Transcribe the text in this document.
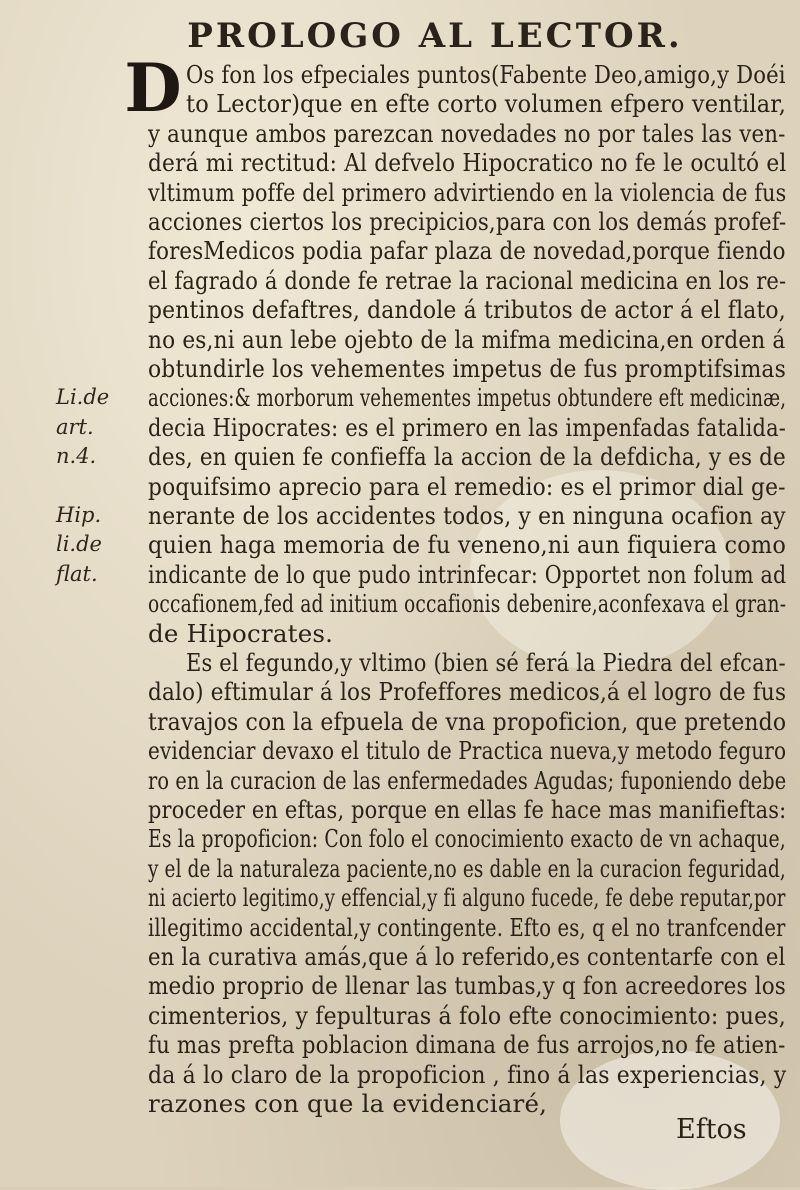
PROLOGO AL LECTOR.
D
Li.de
art.
n.4.
Hip.
li.de
flat.
Os fon los efpeciales puntos(Fabente Deo,amigo,y Doéi
to Lector)que en efte corto volumen efpero ventilar,
y aunque ambos parezcan novedades no por tales las ven-
derá mi rectitud: Al defvelo Hipocratico no fe le ocultó el
vltimum poffe del primero advirtiendo en la violencia de fus
acciones ciertos los precipicios,para con los demás profef-
foresMedicos podia pafar plaza de novedad,porque fiendo
el fagrado á donde fe retrae la racional medicina en los re-
pentinos defaftres, dandole á tributos de actor á el flato,
no es,ni aun lebe ojebto de la mifma medicina,en orden á
obtundirle los vehementes impetus de fus promptifsimas
acciones:& morborum vehementes impetus obtundere eft medicinæ,
decia Hipocrates: es el primero en las impenfadas fatalida-
des, en quien fe confieffa la accion de la defdicha, y es de
poquifsimo aprecio para el remedio: es el primor dial ge-
nerante de los accidentes todos, y en ninguna ocafion ay
quien haga memoria de fu veneno,ni aun fiquiera como
indicante de lo que pudo intrinfecar: Opportet non folum ad
occafionem,fed ad initium occafionis debenire,aconfexava el gran-
de Hipocrates.
Es el fegundo,y vltimo (bien sé ferá la Piedra del efcan-
dalo) eftimular á los Profeffores medicos,á el logro de fus
travajos con la efpuela de vna propoficion, que pretendo
evidenciar devaxo el titulo de Practica nueva,y metodo feguro
ro en la curacion de las enfermedades Agudas; fuponiendo debe
proceder en eftas, porque en ellas fe hace mas manifieftas:
Es la propoficion: Con folo el conocimiento exacto de vn achaque,
y el de la naturaleza paciente,no es dable en la curacion feguridad,
ni acierto legitimo,y effencial,y fi alguno fucede, fe debe reputar,por
illegitimo accidental,y contingente. Efto es, q el no tranfcender
en la curativa amás,que á lo referido,es contentarfe con el
medio proprio de llenar las tumbas,y q fon acreedores los
cimenterios, y fepulturas á folo efte conocimiento: pues,
fu mas prefta poblacion dimana de fus arrojos,no fe atien-
da á lo claro de la propoficion , fino á las experiencias, y
razones con que la evidenciaré,
Eftos
